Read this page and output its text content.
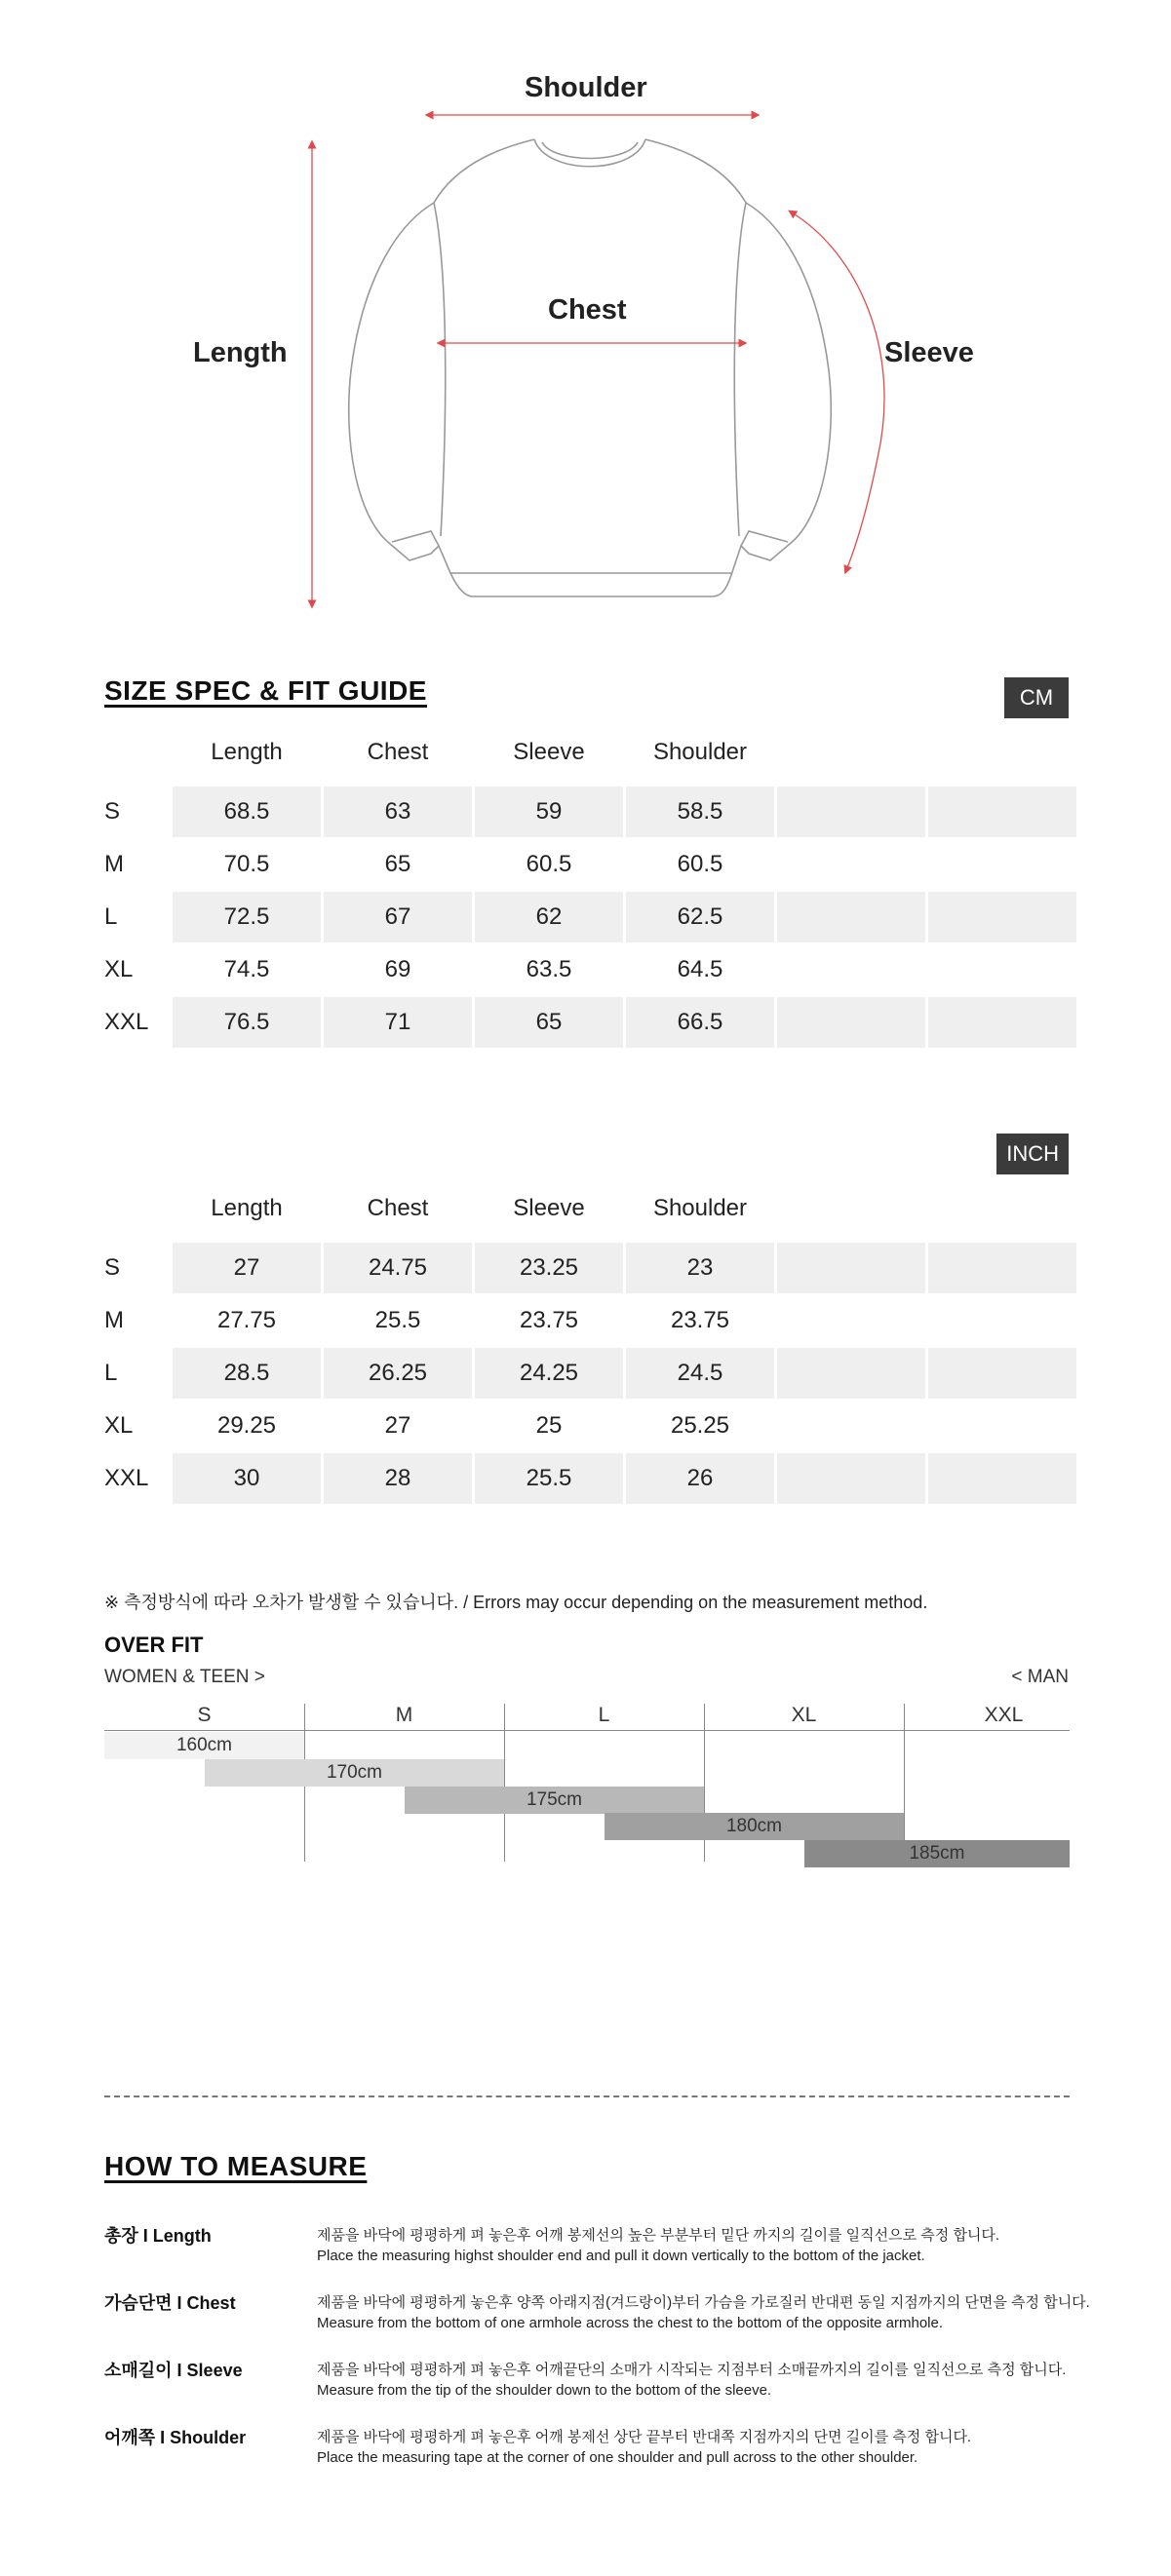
Shoulder
Chest
Length	Sleeve
SIZE SPEC & FIT GUIDE	CM
Length	Chest	Sleeve	Shoulder
S	68.5	63	59	58.5
M	70.5	65	60.5	60.5
L	72.5	67	62	62.5
XL	74.5	69	63.5	64.5
XXL	76.5	71	65	66.5
INCH
Length	Chest	Sleeve	Shoulder
S	27	24.75	23.25	23
M	27.75	25.5	23.75	23.75
L	28.5	26.25	24.25	24.5
XL	29.25	27	25	25.25
XXL	30	28	25.5	26
※ 측정방식에 따라 오차가 발생할 수 있습니다. / Errors may occur depending on the measurement method.
OVER FIT
WOMEN & TEEN >	< MAN
S	M	L	XL	XXL
160cm
170cm
175cm
180cm
185cm
HOW TO MEASURE
총장 I Length	제품을 바닥에 평평하게 펴 놓은후 어깨 봉제선의 높은 부분부터 밑단 까지의 길이를 일직선으로 측정 합니다.
Place the measuring highst shoulder end and pull it down vertically to the bottom of the jacket.
가슴단면 I Chest	제품을 바닥에 평평하게 놓은후 양쪽 아래지점(겨드랑이)부터 가슴을 가로질러 반대편 동일 지점까지의 단면을 측정 합니다.
Measure from the bottom of one armhole across the chest to the bottom of the opposite armhole.
소매길이 I Sleeve	제품을 바닥에 평평하게 펴 놓은후 어깨끝단의 소매가 시작되는 지점부터 소매끝까지의 길이를 일직선으로 측정 합니다.
Measure from the tip of the shoulder down to the bottom of the sleeve.
어깨쪽 I Shoulder	제품을 바닥에 평평하게 펴 놓은후 어깨 봉제선 상단 끝부터 반대쪽 지점까지의 단면 길이를 측정 합니다.
Place the measuring tape at the corner of one shoulder and pull across to the other shoulder.
